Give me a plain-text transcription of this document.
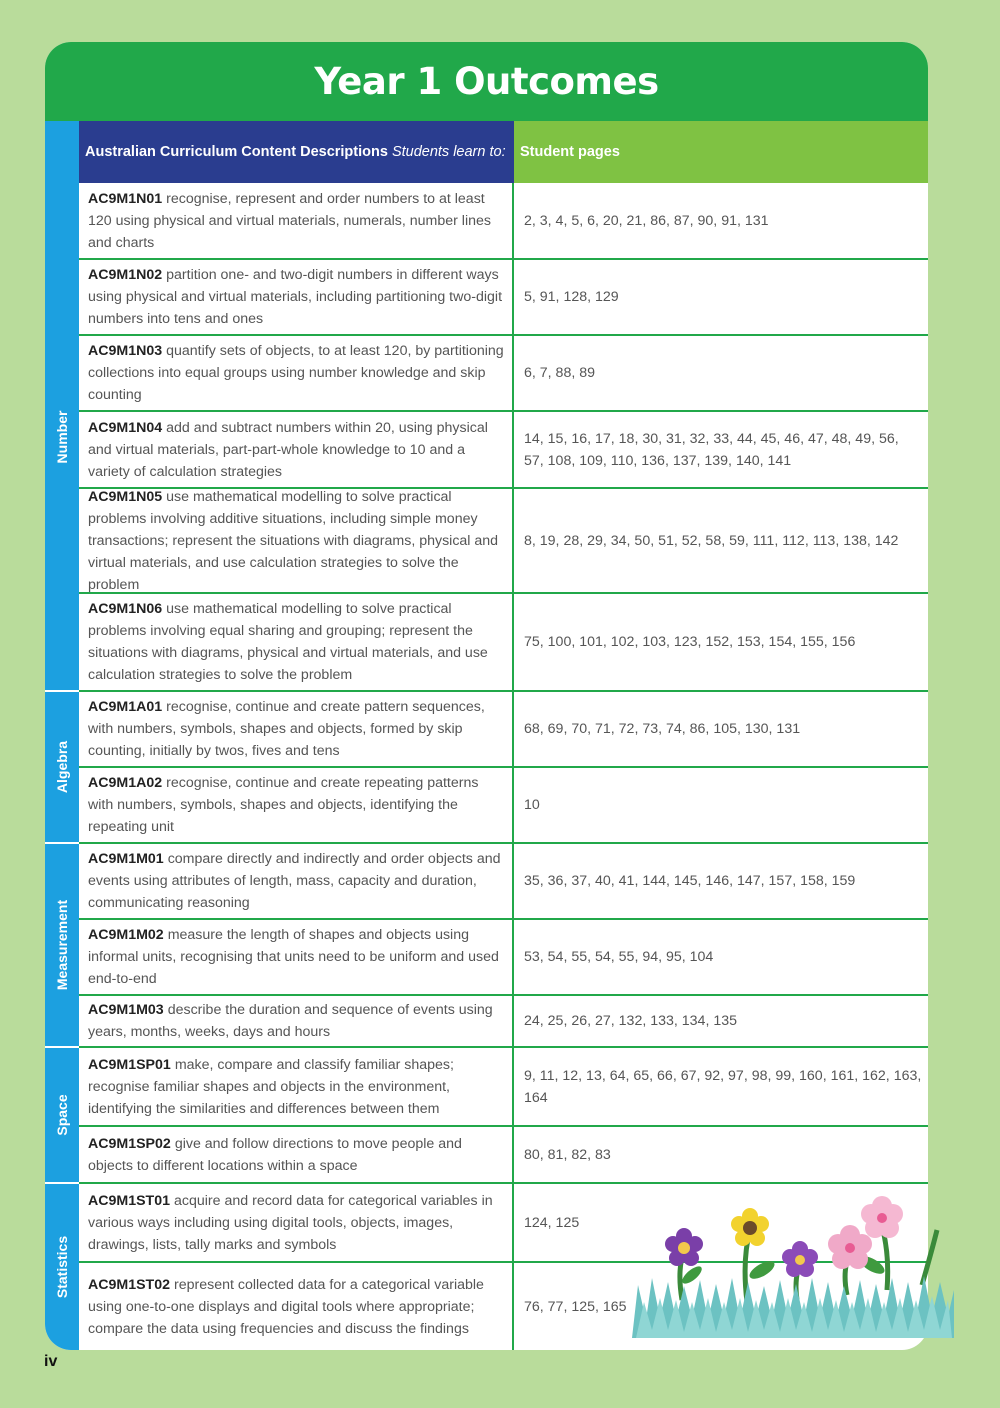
Year 1 Outcomes
Australian Curriculum Content Descriptions Students learn to: Student pages
Number
Algebra
Measurement
Space
Statistics
AC9M1N01 recognise, represent and order numbers to at least 120 using physical and virtual materials, numerals, number lines and charts
2, 3, 4, 5, 6, 20, 21, 86, 87, 90, 91, 131
AC9M1N02 partition one- and two-digit numbers in different ways using physical and virtual materials, including partitioning two-digit numbers into tens and ones
5, 91, 128, 129
AC9M1N03 quantify sets of objects, to at least 120, by partitioning collections into equal groups using number knowledge and skip counting
6, 7, 88, 89
AC9M1N04 add and subtract numbers within 20, using physical and virtual materials, part-part-whole knowledge to 10 and a variety of calculation strategies
14, 15, 16, 17, 18, 30, 31, 32, 33, 44, 45, 46, 47, 48, 49, 56, 57, 108, 109, 110, 136, 137, 139, 140, 141
AC9M1N05 use mathematical modelling to solve practical problems involving additive situations, including simple money transactions; represent the situations with diagrams, physical and virtual materials, and use calculation strategies to solve the problem
8, 19, 28, 29, 34, 50, 51, 52, 58, 59, 111, 112, 113, 138, 142
AC9M1N06 use mathematical modelling to solve practical problems involving equal sharing and grouping; represent the situations with diagrams, physical and virtual materials, and use calculation strategies to solve the problem
75, 100, 101, 102, 103, 123, 152, 153, 154, 155, 156
AC9M1A01 recognise, continue and create pattern sequences, with numbers, symbols, shapes and objects, formed by skip counting, initially by twos, fives and tens
68, 69, 70, 71, 72, 73, 74, 86, 105, 130, 131
AC9M1A02 recognise, continue and create repeating patterns with numbers, symbols, shapes and objects, identifying the repeating unit
10
AC9M1M01 compare directly and indirectly and order objects and events using attributes of length, mass, capacity and duration, communicating reasoning
35, 36, 37, 40, 41, 144, 145, 146, 147, 157, 158, 159
AC9M1M02 measure the length of shapes and objects using informal units, recognising that units need to be uniform and used end-to-end
53, 54, 55, 54, 55, 94, 95, 104
AC9M1M03 describe the duration and sequence of events using years, months, weeks, days and hours
24, 25, 26, 27, 132, 133, 134, 135
AC9M1SP01 make, compare and classify familiar shapes; recognise familiar shapes and objects in the environment, identifying the similarities and differences between them
9, 11, 12, 13, 64, 65, 66, 67, 92, 97, 98, 99, 160, 161, 162, 163, 164
AC9M1SP02 give and follow directions to move people and objects to different locations within a space
80, 81, 82, 83
AC9M1ST01 acquire and record data for categorical variables in various ways including using digital tools, objects, images, drawings, lists, tally marks and symbols
124, 125
AC9M1ST02 represent collected data for a categorical variable using one-to-one displays and digital tools where appropriate; compare the data using frequencies and discuss the findings
76, 77, 125, 165
iv
